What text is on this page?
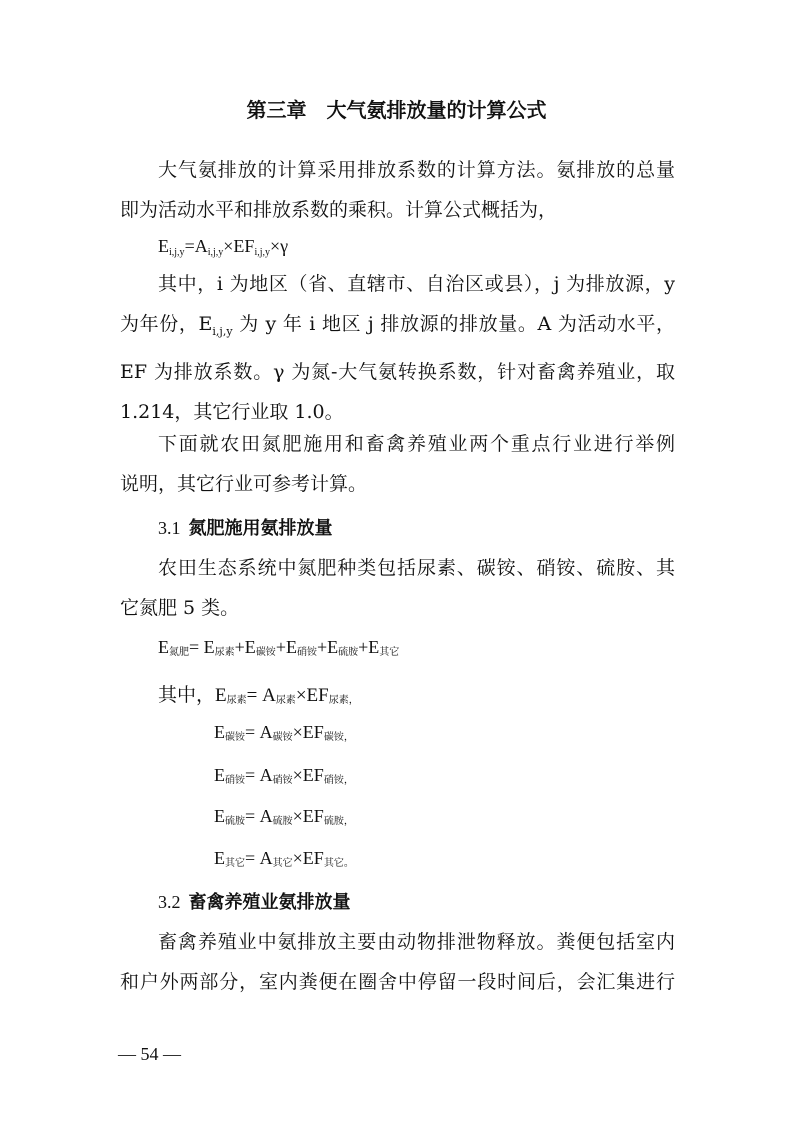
第三章　大气氨排放量的计算公式
大气氨排放的计算采用排放系数的计算方法。氨排放的总量
即为活动水平和排放系数的乘积。计算公式概括为，
$E_{i,j,y}=A_{i,j,y}\times EF_{i,j,y}\times\gamma$
其中，i 为地区（省、直辖市、自治区或县），j 为排放源，y
为年份，$E_{i,j,y}$ 为 y 年 i 地区 j 排放源的排放量。A 为活动水平，
EF 为排放系数。γ 为氮-大气氨转换系数，针对畜禽养殖业，取
1.214，其它行业取 1.0。
下面就农田氮肥施用和畜禽养殖业两个重点行业进行举例
说明，其它行业可参考计算。
3.1 氮肥施用氨排放量
农田生态系统中氮肥种类包括尿素、碳铵、硝铵、硫胺、其
它氮肥 5 类。
E氮肥= E尿素+E碳铵+E硝铵+E硫胺+E其它
其中，E尿素= A尿素×EF尿素，
E碳铵= A碳铵×EF碳铵，
E硝铵= A硝铵×EF硝铵，
E硫胺= A硫胺×EF硫胺，
E其它= A其它×EF其它。
3.2 畜禽养殖业氨排放量
畜禽养殖业中氨排放主要由动物排泄物释放。粪便包括室内
和户外两部分，室内粪便在圈舍中停留一段时间后，会汇集进行
— 54 —
